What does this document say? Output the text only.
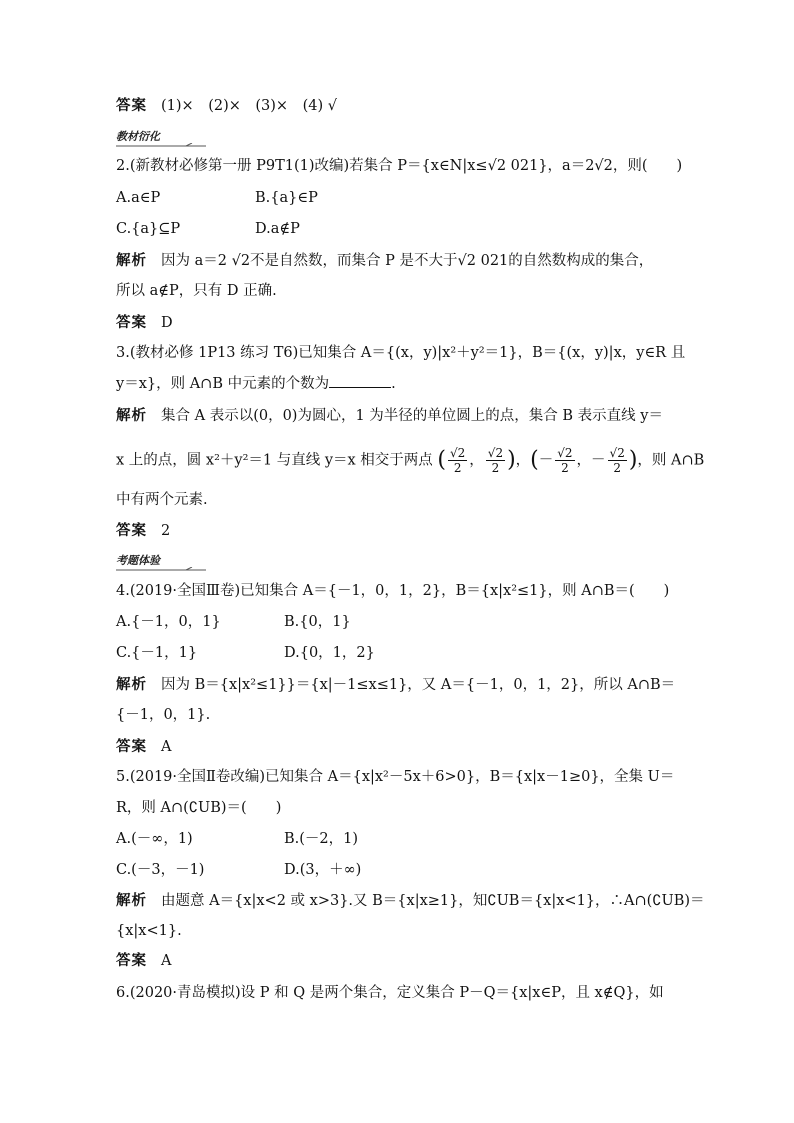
答案 (1)×　(2)×　(3)×　(4) √
教材衍化
2.(新教材必修第一册 P9T1(1)改编)若集合 P＝{x∈N|x≤√2 021}，a＝2√2，则(　　)
A.a∈P	B.{a}∈P
C.{a}⊆P	D.a∉P
解析 因为 a＝2 √2不是自然数，而集合 P 是不大于√2 021的自然数构成的集合，
所以 a∉P，只有 D 正确.
答案 D
3.(教材必修 1P13 练习 T6)已知集合 A＝{(x，y)|x²＋y²＝1}，B＝{(x，y)|x，y∈R 且
y＝x}，则 A∩B 中元素的个数为	.
解析 集合 A 表示以(0，0)为圆心，1 为半径的单位圆上的点，集合 B 表示直线 y＝
x 上的点，圆 x²＋y²＝1 与直线 y＝x 相交于两点 ( $\frac{√2}{2}$ ， $\frac{√2}{2}$ )，(－ $\frac{√2}{2}$ ，－ $\frac{√2}{2}$ )，则 A∩B
中有两个元素.
答案 2
考题体验
4.(2019·全国Ⅲ卷)已知集合 A＝{－1，0，1，2}，B＝{x|x²≤1}，则 A∩B＝(　　)
A.{－1，0，1}	B.{0，1}
C.{－1，1}	D.{0，1，2}
解析 因为 B＝{x|x²≤1}}＝{x|－1≤x≤1}，又 A＝{－1，0，1，2}，所以 A∩B＝
{－1，0，1}.
答案 A
5.(2019·全国Ⅱ卷改编)已知集合 A＝{x|x²－5x＋6>0}，B＝{x|x－1≥0}，全集 U＝
R，则 A∩(∁UB)＝(　　)
A.(－∞，1)	B.(－2，1)
C.(－3，－1)	D.(3，＋∞)
解析 由题意 A＝{x|x<2 或 x>3}.又 B＝{x|x≥1}，知∁UB＝{x|x<1}，∴A∩(∁UB)＝
{x|x<1}.
答案 A
6.(2020·青岛模拟)设 P 和 Q 是两个集合，定义集合 P－Q＝{x|x∈P，且 x∉Q}，如
